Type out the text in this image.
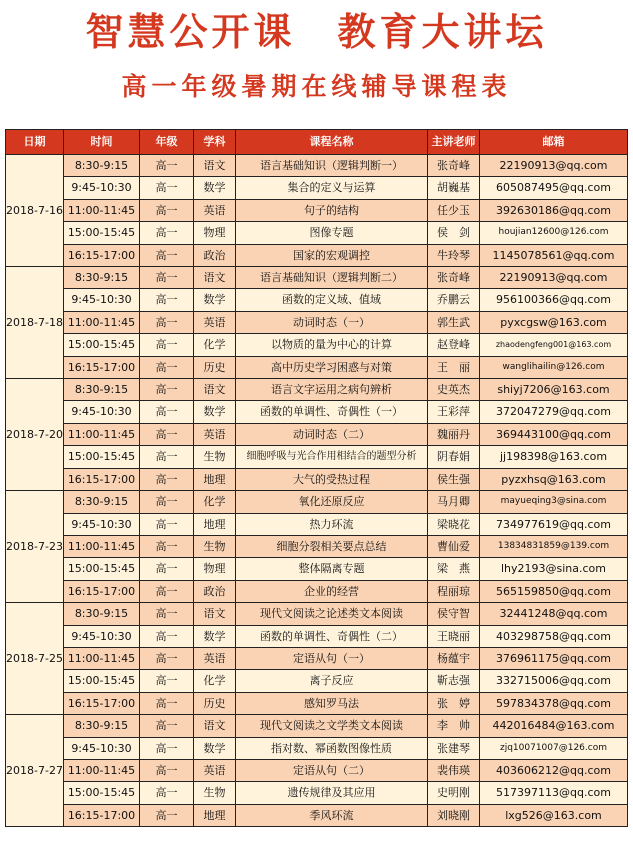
智慧公开课　教育大讲坛
高一年级暑期在线辅导课程表
日期	时间	年级	学科	课程名称	主讲老师	邮箱
2018-7-16	8:30-9:15	高一	语文	语言基础知识（逻辑判断一）	张奇峰	22190913@qq.com
	9:45-10:30	高一	数学	集合的定义与运算	胡巍基	605087495@qq.com
	11:00-11:45	高一	英语	句子的结构	任少玉	392630186@qq.com
	15:00-15:45	高一	物理	图像专题	侯　剑	houjian12600@126.com
	16:15-17:00	高一	政治	国家的宏观调控	牛玲琴	1145078561@qq.com
2018-7-18	8:30-9:15	高一	语文	语言基础知识（逻辑判断二）	张奇峰	22190913@qq.com
	9:45-10:30	高一	数学	函数的定义域、值域	乔鹏云	956100366@qq.com
	11:00-11:45	高一	英语	动词时态（一）	郭生武	pyxcgsw@163.com
	15:00-15:45	高一	化学	以物质的量为中心的计算	赵登峰	zhaodengfeng001@163.com
	16:15-17:00	高一	历史	高中历史学习困惑与对策	王　丽	wanglihailin@126.com
2018-7-20	8:30-9:15	高一	语文	语言文字运用之病句辨析	史英杰	shiyj7206@163.com
	9:45-10:30	高一	数学	函数的单调性、奇偶性（一）	王彩萍	372047279@qq.com
	11:00-11:45	高一	英语	动词时态（二）	魏丽丹	369443100@qq.com
	15:00-15:45	高一	生物	细胞呼吸与光合作用相结合的题型分析	阴春娟	jj198398@163.com
	16:15-17:00	高一	地理	大气的受热过程	侯生强	pyzxhsq@163.com
2018-7-23	8:30-9:15	高一	化学	氧化还原反应	马月卿	mayueqing3@sina.com
	9:45-10:30	高一	地理	热力环流	梁晓花	734977619@qq.com
	11:00-11:45	高一	生物	细胞分裂相关要点总结	曹仙爱	13834831859@139.com
	15:00-15:45	高一	物理	整体隔离专题	梁　燕	lhy2193@sina.com
	16:15-17:00	高一	政治	企业的经营	程丽琼	565159850@qq.com
2018-7-25	8:30-9:15	高一	语文	现代文阅读之论述类文本阅读	侯守智	32441248@qq.com
	9:45-10:30	高一	数学	函数的单调性、奇偶性（二）	王晓丽	403298758@qq.com
	11:00-11:45	高一	英语	定语从句（一）	杨蕴宇	376961175@qq.com
	15:00-15:45	高一	化学	离子反应	靳志强	332715006@qq.com
	16:15-17:00	高一	历史	感知罗马法	张　婷	597834378@qq.com
2018-7-27	8:30-9:15	高一	语文	现代文阅读之文学类文本阅读	李　帅	442016484@163.com
	9:45-10:30	高一	数学	指对数、幂函数图像性质	张建琴	zjq10071007@126.com
	11:00-11:45	高一	英语	定语从句（二）	裴伟瑛	403606212@qq.com
	15:00-15:45	高一	生物	遗传规律及其应用	史明刚	517397113@qq.com
	16:15-17:00	高一	地理	季风环流	刘晓刚	lxg526@163.com
